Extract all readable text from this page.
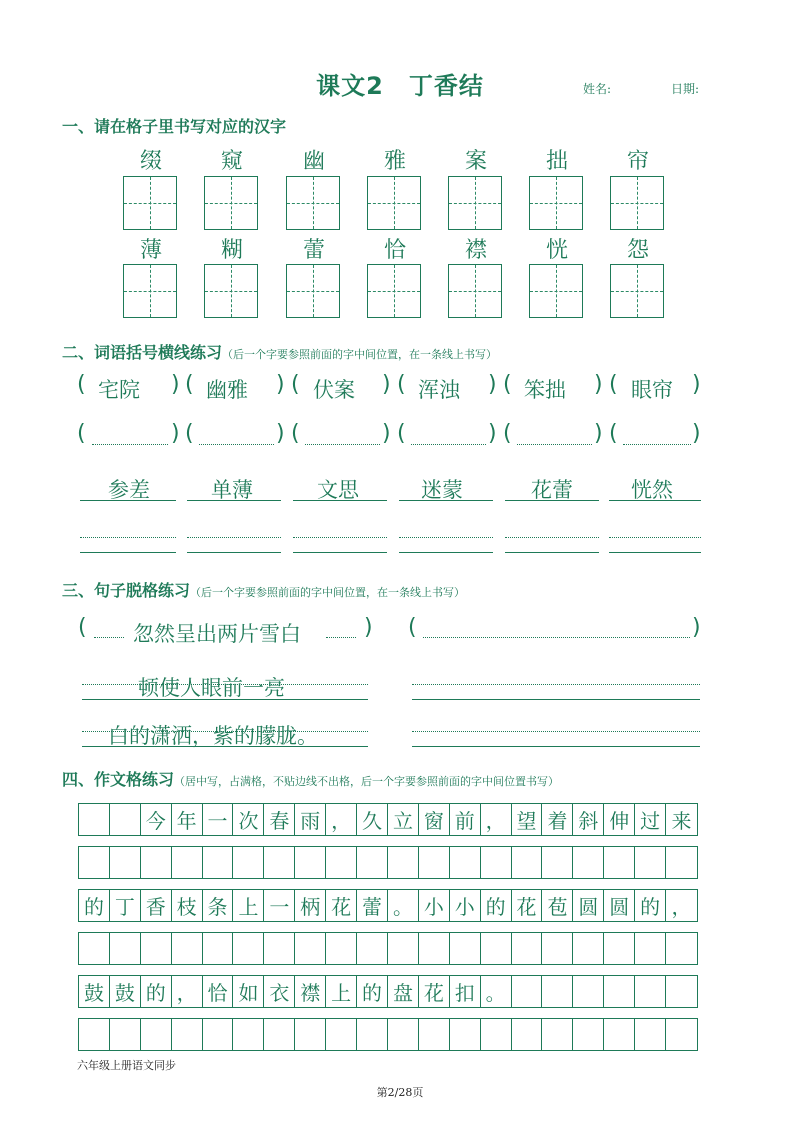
课文2　丁香结	姓名:	日期:
一、请在格子里书写对应的汉字
缀	窥	幽	雅	案	拙	帘
薄	糊	蕾	恰	襟	恍	怨
二、词语括号横线练习（后一个字要参照前面的字中间位置，在一条线上书写）
( 宅院 ) ( 幽雅 ) ( 伏案 ) ( 浑浊 ) ( 笨拙 ) ( 眼帘 )
(	) (	) (	) (	) (	) (	)
参差	单薄	文思	迷蒙	花蕾	恍然
三、句子脱格练习（后一个字要参照前面的字中间位置，在一条线上书写）
( 忽然呈出两片雪白	) (	)
顿使人眼前一亮
白的潇洒，紫的朦胧。
四、作文格练习（居中写，占满格，不贴边线不出格，后一个字要参照前面的字中间位置书写）
今 年 一 次 春 雨 ， 久 立 窗 前 ， 望 着 斜 伸 过 来
的 丁 香 枝 条 上 一 柄 花 蕾 。 小 小 的 花 苞 圆 圆 的 ，
鼓 鼓 的 ， 恰 如 衣 襟 上 的 盘 花 扣 。
六年级上册语文同步
第2/28页
